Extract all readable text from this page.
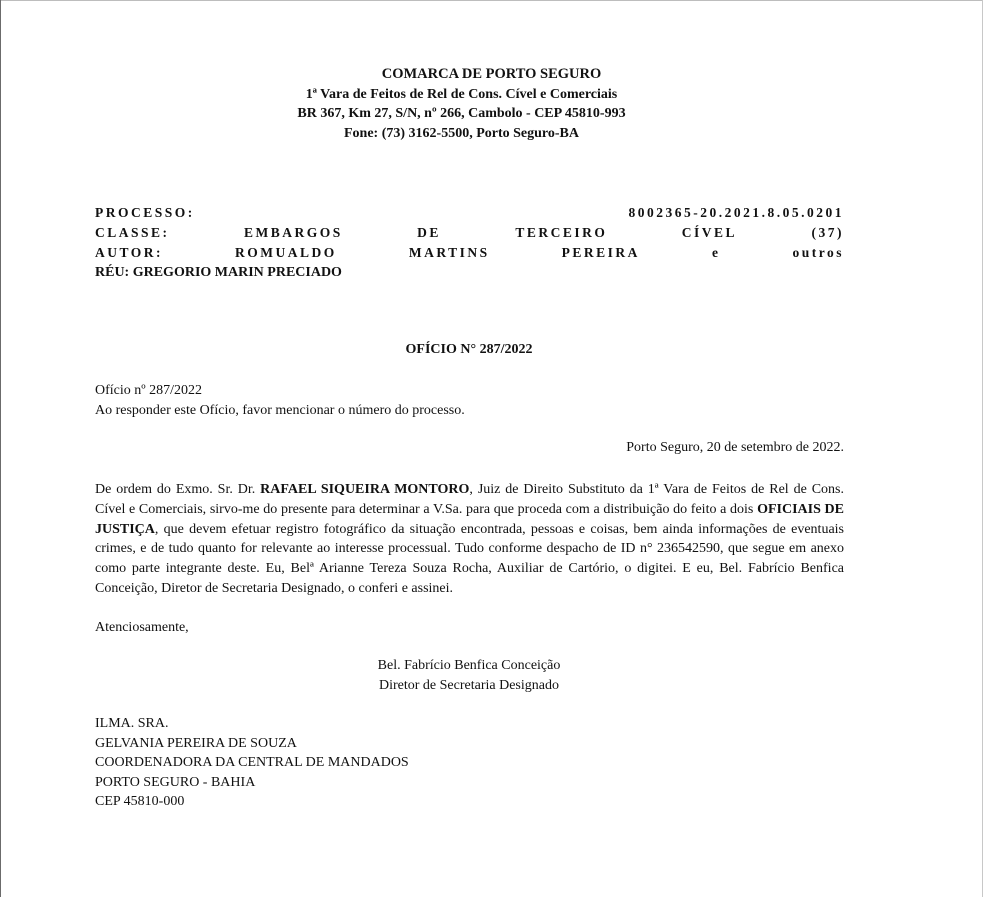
COMARCA DE PORTO SEGURO
1ª Vara de Feitos de Rel de Cons. Cível e Comerciais
BR 367, Km 27, S/N, nº 266, Cambolo - CEP 45810-993
Fone: (73) 3162-5500, Porto Seguro-BA
PROCESSO:	8002365-20.2021.8.05.0201
CLASSE:	EMBARGOS	DE	TERCEIRO	CÍVEL	(37)
AUTOR:	ROMUALDO	MARTINS	PEREIRA	e	outros
RÉU: GREGORIO MARIN PRECIADO
OFÍCIO N° 287/2022
Ofício nº 287/2022
Ao responder este Ofício, favor mencionar o número do processo.
Porto Seguro, 20 de setembro de 2022.
De ordem do Exmo. Sr. Dr. RAFAEL SIQUEIRA MONTORO, Juiz de Direito Substituto da 1ª Vara de Feitos de Rel de Cons. Cível e Comerciais, sirvo-me do presente para determinar a V.Sa. para que proceda com a distribuição do feito a dois OFICIAIS DE JUSTIÇA, que devem efetuar registro fotográfico da situação encontrada, pessoas e coisas, bem ainda informações de eventuais crimes, e de tudo quanto for relevante ao interesse processual. Tudo conforme despacho de ID n° 236542590, que segue em anexo como parte integrante deste. Eu, Belª Arianne Tereza Souza Rocha, Auxiliar de Cartório, o digitei. E eu, Bel. Fabrício Benfica Conceição, Diretor de Secretaria Designado, o conferi e assinei.
Atenciosamente,
Bel. Fabrício Benfica Conceição
Diretor de Secretaria Designado
ILMA. SRA.
GELVANIA PEREIRA DE SOUZA
COORDENADORA DA CENTRAL DE MANDADOS
PORTO SEGURO - BAHIA
CEP 45810-000
